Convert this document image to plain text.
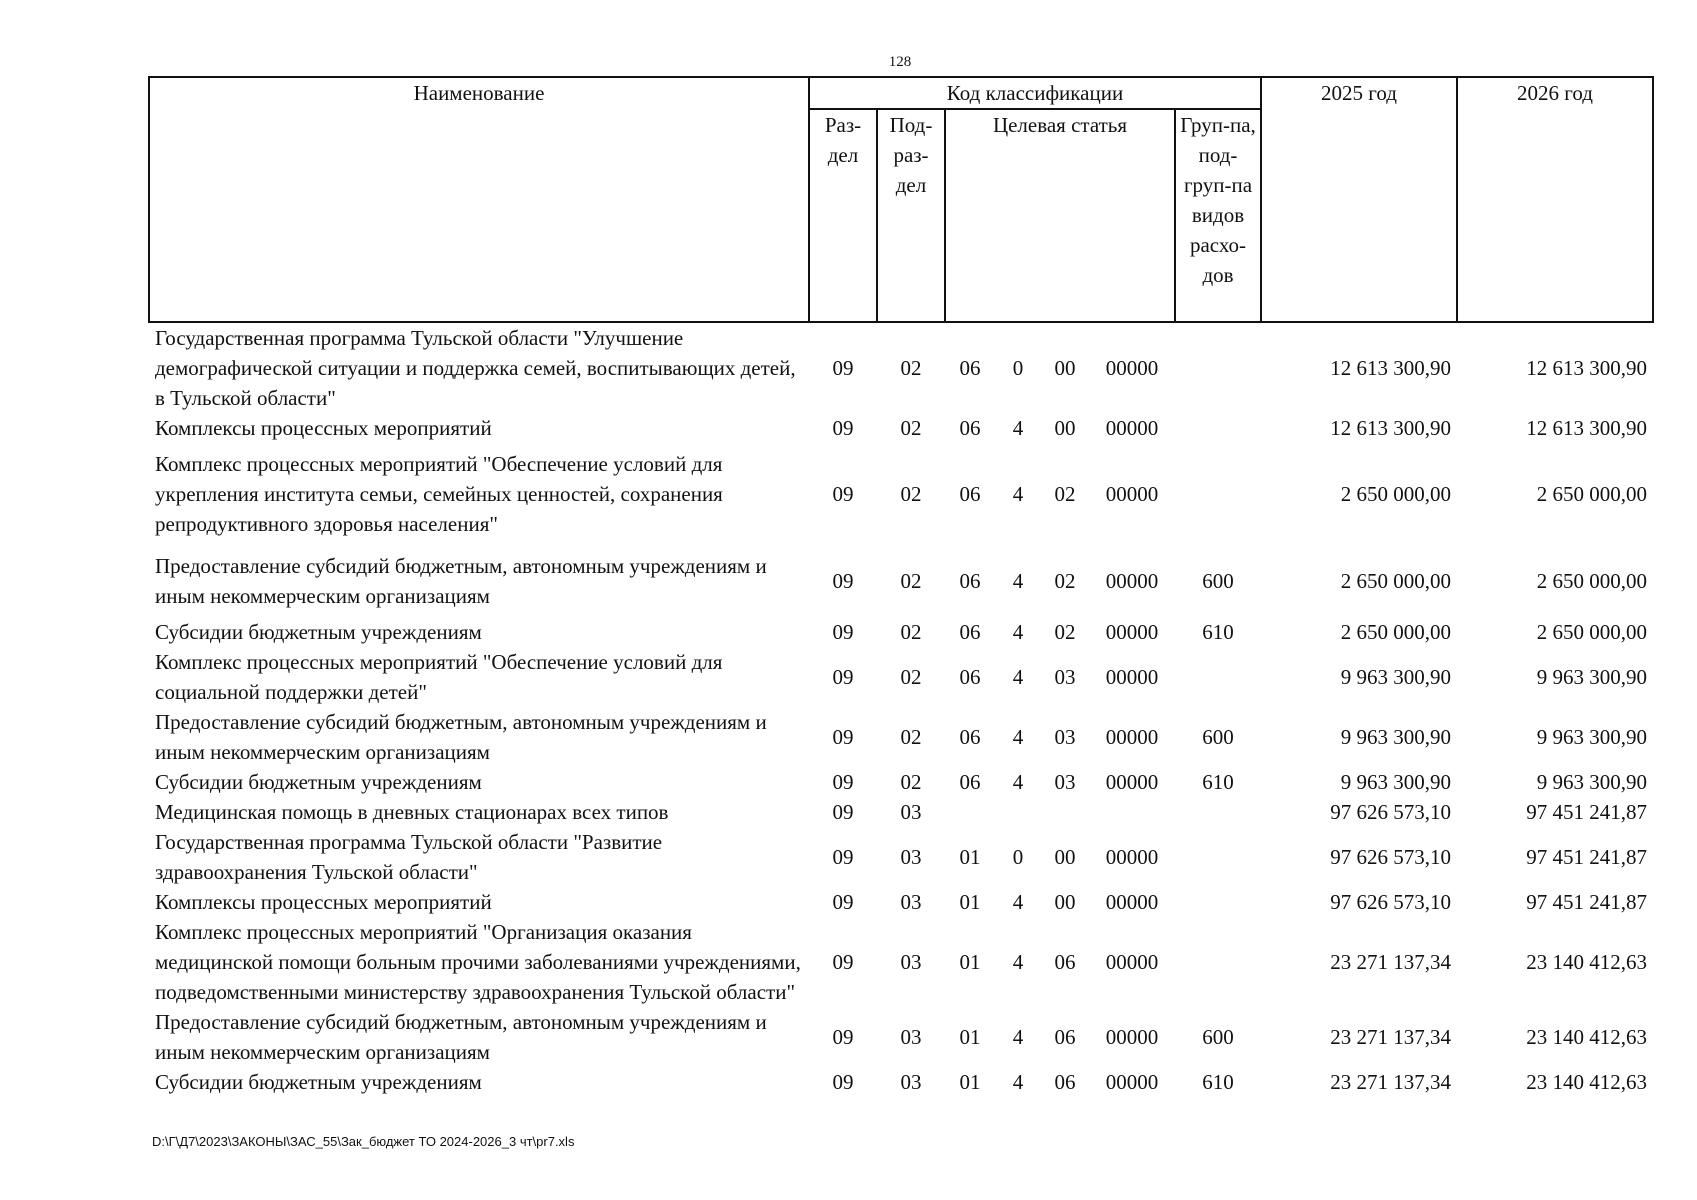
128
Наименование	Код классификации							2025 год	2026 год
	Раз-дел	Под-раз-дел	Целевая статья				Груп-па, под-груп-па видов расхо-дов		
Государственная программа Тульской области "Улучшение демографической ситуации и поддержка семей, воспитывающих детей, в Тульской области"	09	02	06	0	00	00000		12 613 300,90	12 613 300,90
Комплексы процессных мероприятий	09	02	06	4	00	00000		12 613 300,90	12 613 300,90
Комплекс процессных мероприятий "Обеспечение условий для укрепления института семьи, семейных ценностей, сохранения репродуктивного здоровья населения"	09	02	06	4	02	00000		2 650 000,00	2 650 000,00
Предоставление субсидий бюджетным, автономным учреждениям и иным некоммерческим организациям	09	02	06	4	02	00000	600	2 650 000,00	2 650 000,00
Субсидии бюджетным учреждениям	09	02	06	4	02	00000	610	2 650 000,00	2 650 000,00
Комплекс процессных мероприятий "Обеспечение условий для социальной поддержки детей"	09	02	06	4	03	00000		9 963 300,90	9 963 300,90
Предоставление субсидий бюджетным, автономным учреждениям и иным некоммерческим организациям	09	02	06	4	03	00000	600	9 963 300,90	9 963 300,90
Субсидии бюджетным учреждениям	09	02	06	4	03	00000	610	9 963 300,90	9 963 300,90
Медицинская помощь в дневных стационарах всех типов	09	03						97 626 573,10	97 451 241,87
Государственная программа Тульской области "Развитие здравоохранения Тульской области"	09	03	01	0	00	00000		97 626 573,10	97 451 241,87
Комплексы процессных мероприятий	09	03	01	4	00	00000		97 626 573,10	97 451 241,87
Комплекс процессных мероприятий "Организация оказания медицинской помощи больным прочими заболеваниями учреждениями, подведомственными министерству здравоохранения Тульской области"	09	03	01	4	06	00000		23 271 137,34	23 140 412,63
Предоставление субсидий бюджетным, автономным учреждениям и иным некоммерческим организациям	09	03	01	4	06	00000	600	23 271 137,34	23 140 412,63
Субсидии бюджетным учреждениям	09	03	01	4	06	00000	610	23 271 137,34	23 140 412,63
D:\Г\Д7\2023\ЗАКОНЫ\ЗАС_55\Зак_бюджет ТО 2024-2026_3 чт\pr7.xls
